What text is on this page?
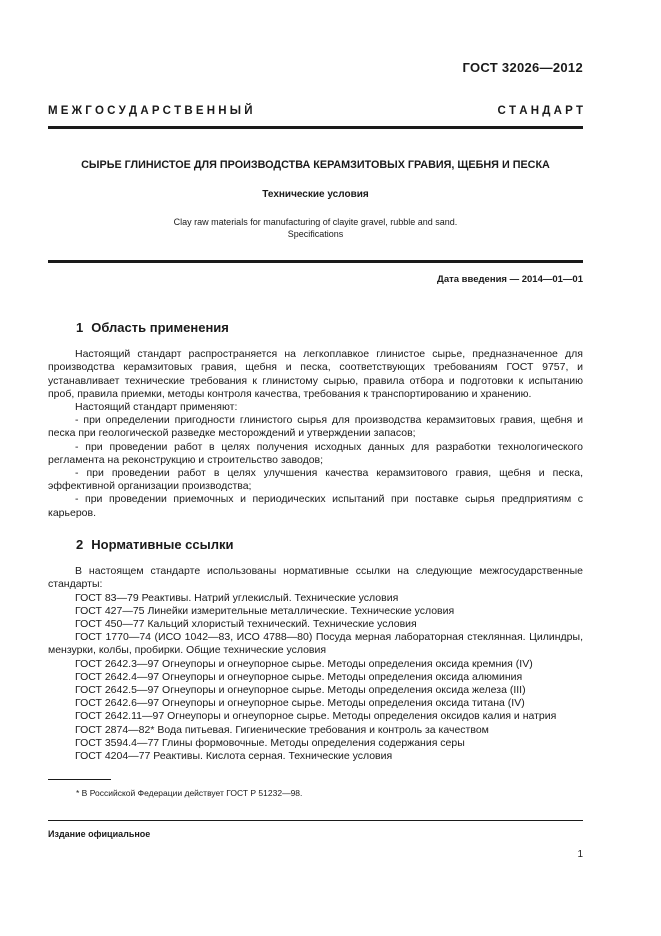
ГОСТ 32026—2012
М Е Ж Г О С У Д А Р С Т В Е Н Н Ы Й	С Т А Н Д А Р Т
СЫРЬЕ ГЛИНИСТОЕ ДЛЯ ПРОИЗВОДСТВА КЕРАМЗИТОВЫХ ГРАВИЯ, ЩЕБНЯ И ПЕСКА
Технические условия
Clay raw materials for manufacturing of clayite gravel, rubble and sand.
Specifications
Дата введения — 2014—01—01
1 Область применения

Настоящий стандарт распространяется на легкоплавкое глинистое сырье, предназначенное для производства керамзитовых гравия, щебня и песка, соответствующих требованиям ГОСТ 9757, и устанавливает технические требования к глинистому сырью, правила отбора и подготовки к испытанию проб, правила приемки, методы контроля качества, требования к транспортированию и хранению.

Настоящий стандарт применяют:

- при определении пригодности глинистого сырья для производства керамзитовых гравия, щебня и песка при геологической разведке месторождений и утверждении запасов;

- при проведении работ в целях получения исходных данных для разработки технологического регламента на реконструкцию и строительство заводов;

- при проведении работ в целях улучшения качества керамзитового гравия, щебня и песка, эффективной организации производства;

- при проведении приемочных и периодических испытаний при поставке сырья предприятиям с карьеров.

2 Нормативные ссылки

В настоящем стандарте использованы нормативные ссылки на следующие межгосударственные стандарты:

ГОСТ 83—79 Реактивы. Натрий углекислый. Технические условия

ГОСТ 427—75 Линейки измерительные металлические. Технические условия

ГОСТ 450—77 Кальций хлористый технический. Технические условия

ГОСТ 1770—74 (ИСО 1042—83, ИСО 4788—80) Посуда мерная лабораторная стеклянная. Цилиндры, мензурки, колбы, пробирки. Общие технические условия

ГОСТ 2642.3—97 Огнеупоры и огнеупорное сырье. Методы определения оксида кремния (IV)

ГОСТ 2642.4—97 Огнеупоры и огнеупорное сырье. Методы определения оксида алюминия

ГОСТ 2642.5—97 Огнеупоры и огнеупорное сырье. Методы определения оксида железа (III)

ГОСТ 2642.6—97 Огнеупоры и огнеупорное сырье. Методы определения оксида титана (IV)

ГОСТ 2642.11—97 Огнеупоры и огнеупорное сырье. Методы определения оксидов калия и натрия

ГОСТ 2874—82* Вода питьевая. Гигиенические требования и контроль за качеством

ГОСТ 3594.4—77 Глины формовочные. Методы определения содержания серы

ГОСТ 4204—77 Реактивы. Кислота серная. Технические условия

* В Российской Федерации действует ГОСТ Р 51232—98.
Издание официальное
1
